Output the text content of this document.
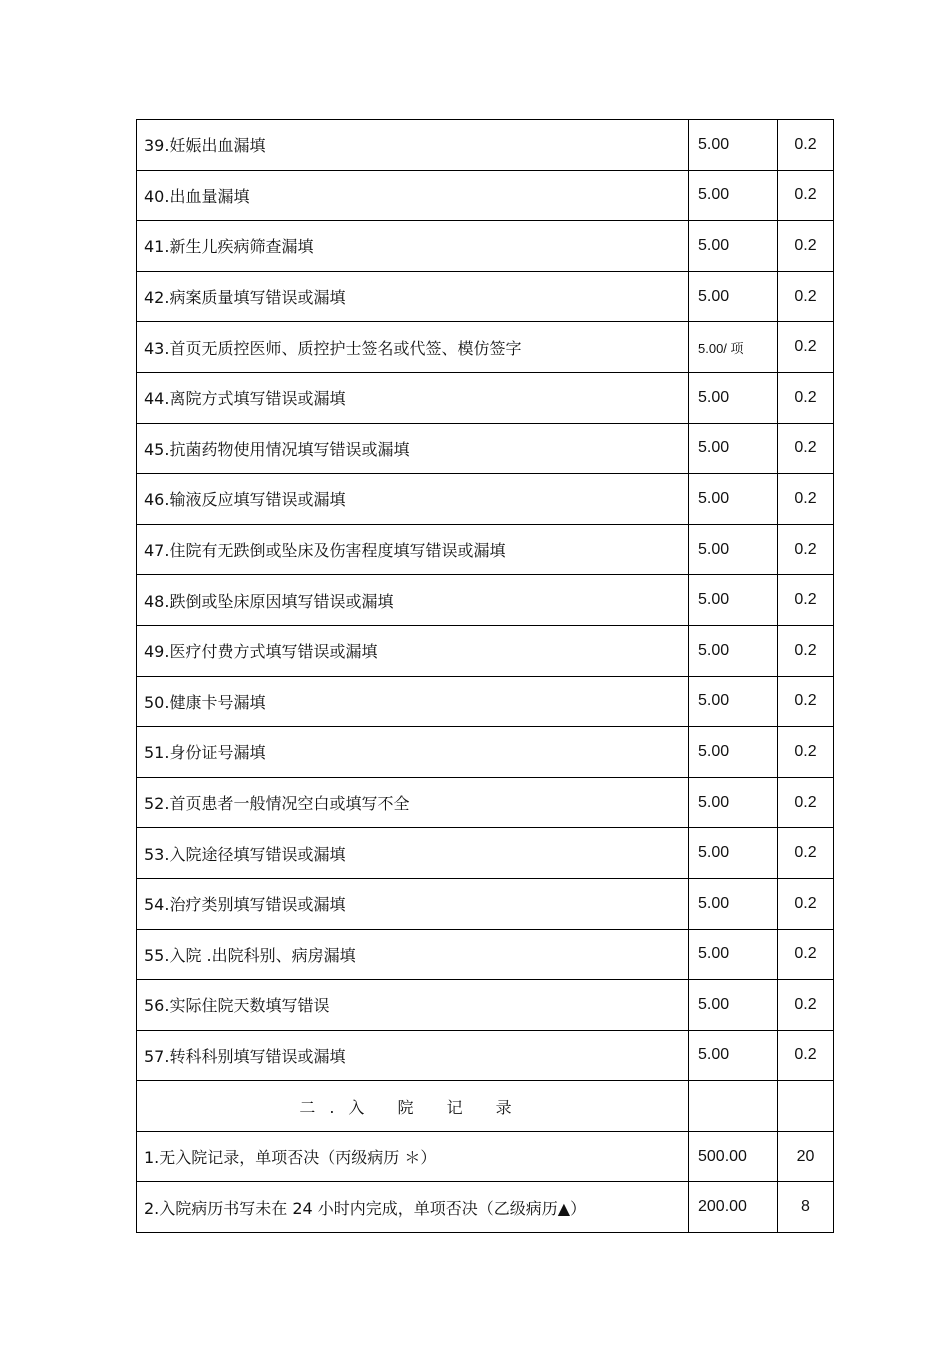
39.妊娠出血漏填	5.00	0.2
40.出血量漏填	5.00	0.2
41.新生儿疾病筛查漏填	5.00	0.2
42.病案质量填写错误或漏填	5.00	0.2
43.首页无质控医师、质控护士签名或代签、模仿签字	5.00/ 项	0.2
44.离院方式填写错误或漏填	5.00	0.2
45.抗菌药物使用情况填写错误或漏填	5.00	0.2
46.输液反应填写错误或漏填	5.00	0.2
47.住院有无跌倒或坠床及伤害程度填写错误或漏填	5.00	0.2
48.跌倒或坠床原因填写错误或漏填	5.00	0.2
49.医疗付费方式填写错误或漏填	5.00	0.2
50.健康卡号漏填	5.00	0.2
51.身份证号漏填	5.00	0.2
52.首页患者一般情况空白或填写不全	5.00	0.2
53.入院途径填写错误或漏填	5.00	0.2
54.治疗类别填写错误或漏填	5.00	0.2
55.入院 .出院科别、病房漏填	5.00	0.2
56.实际住院天数填写错误	5.00	0.2
57.转科科别填写错误或漏填	5.00	0.2
二.入 院 记 录		
1.无入院记录，单项否决（丙级病历 ＊）	500.00	20
2.入院病历书写未在 24 小时内完成，单项否决（乙级病历▲）	200.00	8
